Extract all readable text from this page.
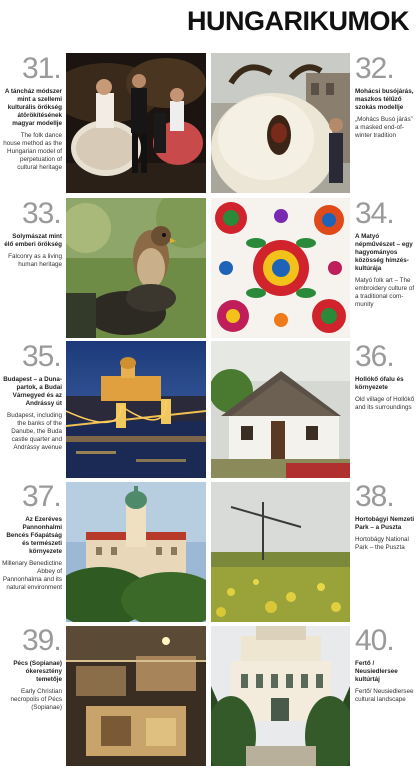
HUNGARIKUMOK
31.
A táncház módszer mint a szellemi kulturális örökség átörökítésének magyar modellje
The folk dance house method as the Hungarian model of perpetuation of cultural heritage
32.
Mohácsi busójárás, maszkos télűző szokás modellje
„Mohács Busó járás” a masked end-of-winter tradition
33.
Solymászat mint élő emberi örökség
Falconry as a living human heritage
34.
A Matyó népművészet – egy hagyományos közösség hímzés-kultúrája
Matyó folk art – The embroidery culture of a traditional com-munity
35.
Budapest – a Duna-partok, a Budai Várnegyed és az Andrássy út
Budapest, including the banks of the Danube, the Buda castle quarter and Andrássy avenue
36.
Hollókő ófalu és környezete
Old village of Hollókő and its surroundings
37.
Az Ezeréves Pannonhalmi Bencés Főapátság és természeti környezete
Millenary Benedictine Abbey of Pannonhalma and its natural environment
38.
Hortobágyi Nemzeti Park – a Puszta
Hortobágy National Park – the Puszta
39.
Pécs (Sopianae) ókeresztény temetője
Early Christian necropolis of Pécs (Sopianae)
40.
Fertő / Neusiedlersee kultúrtáj
Fertő/ Neusiedlersee cultural landscape
